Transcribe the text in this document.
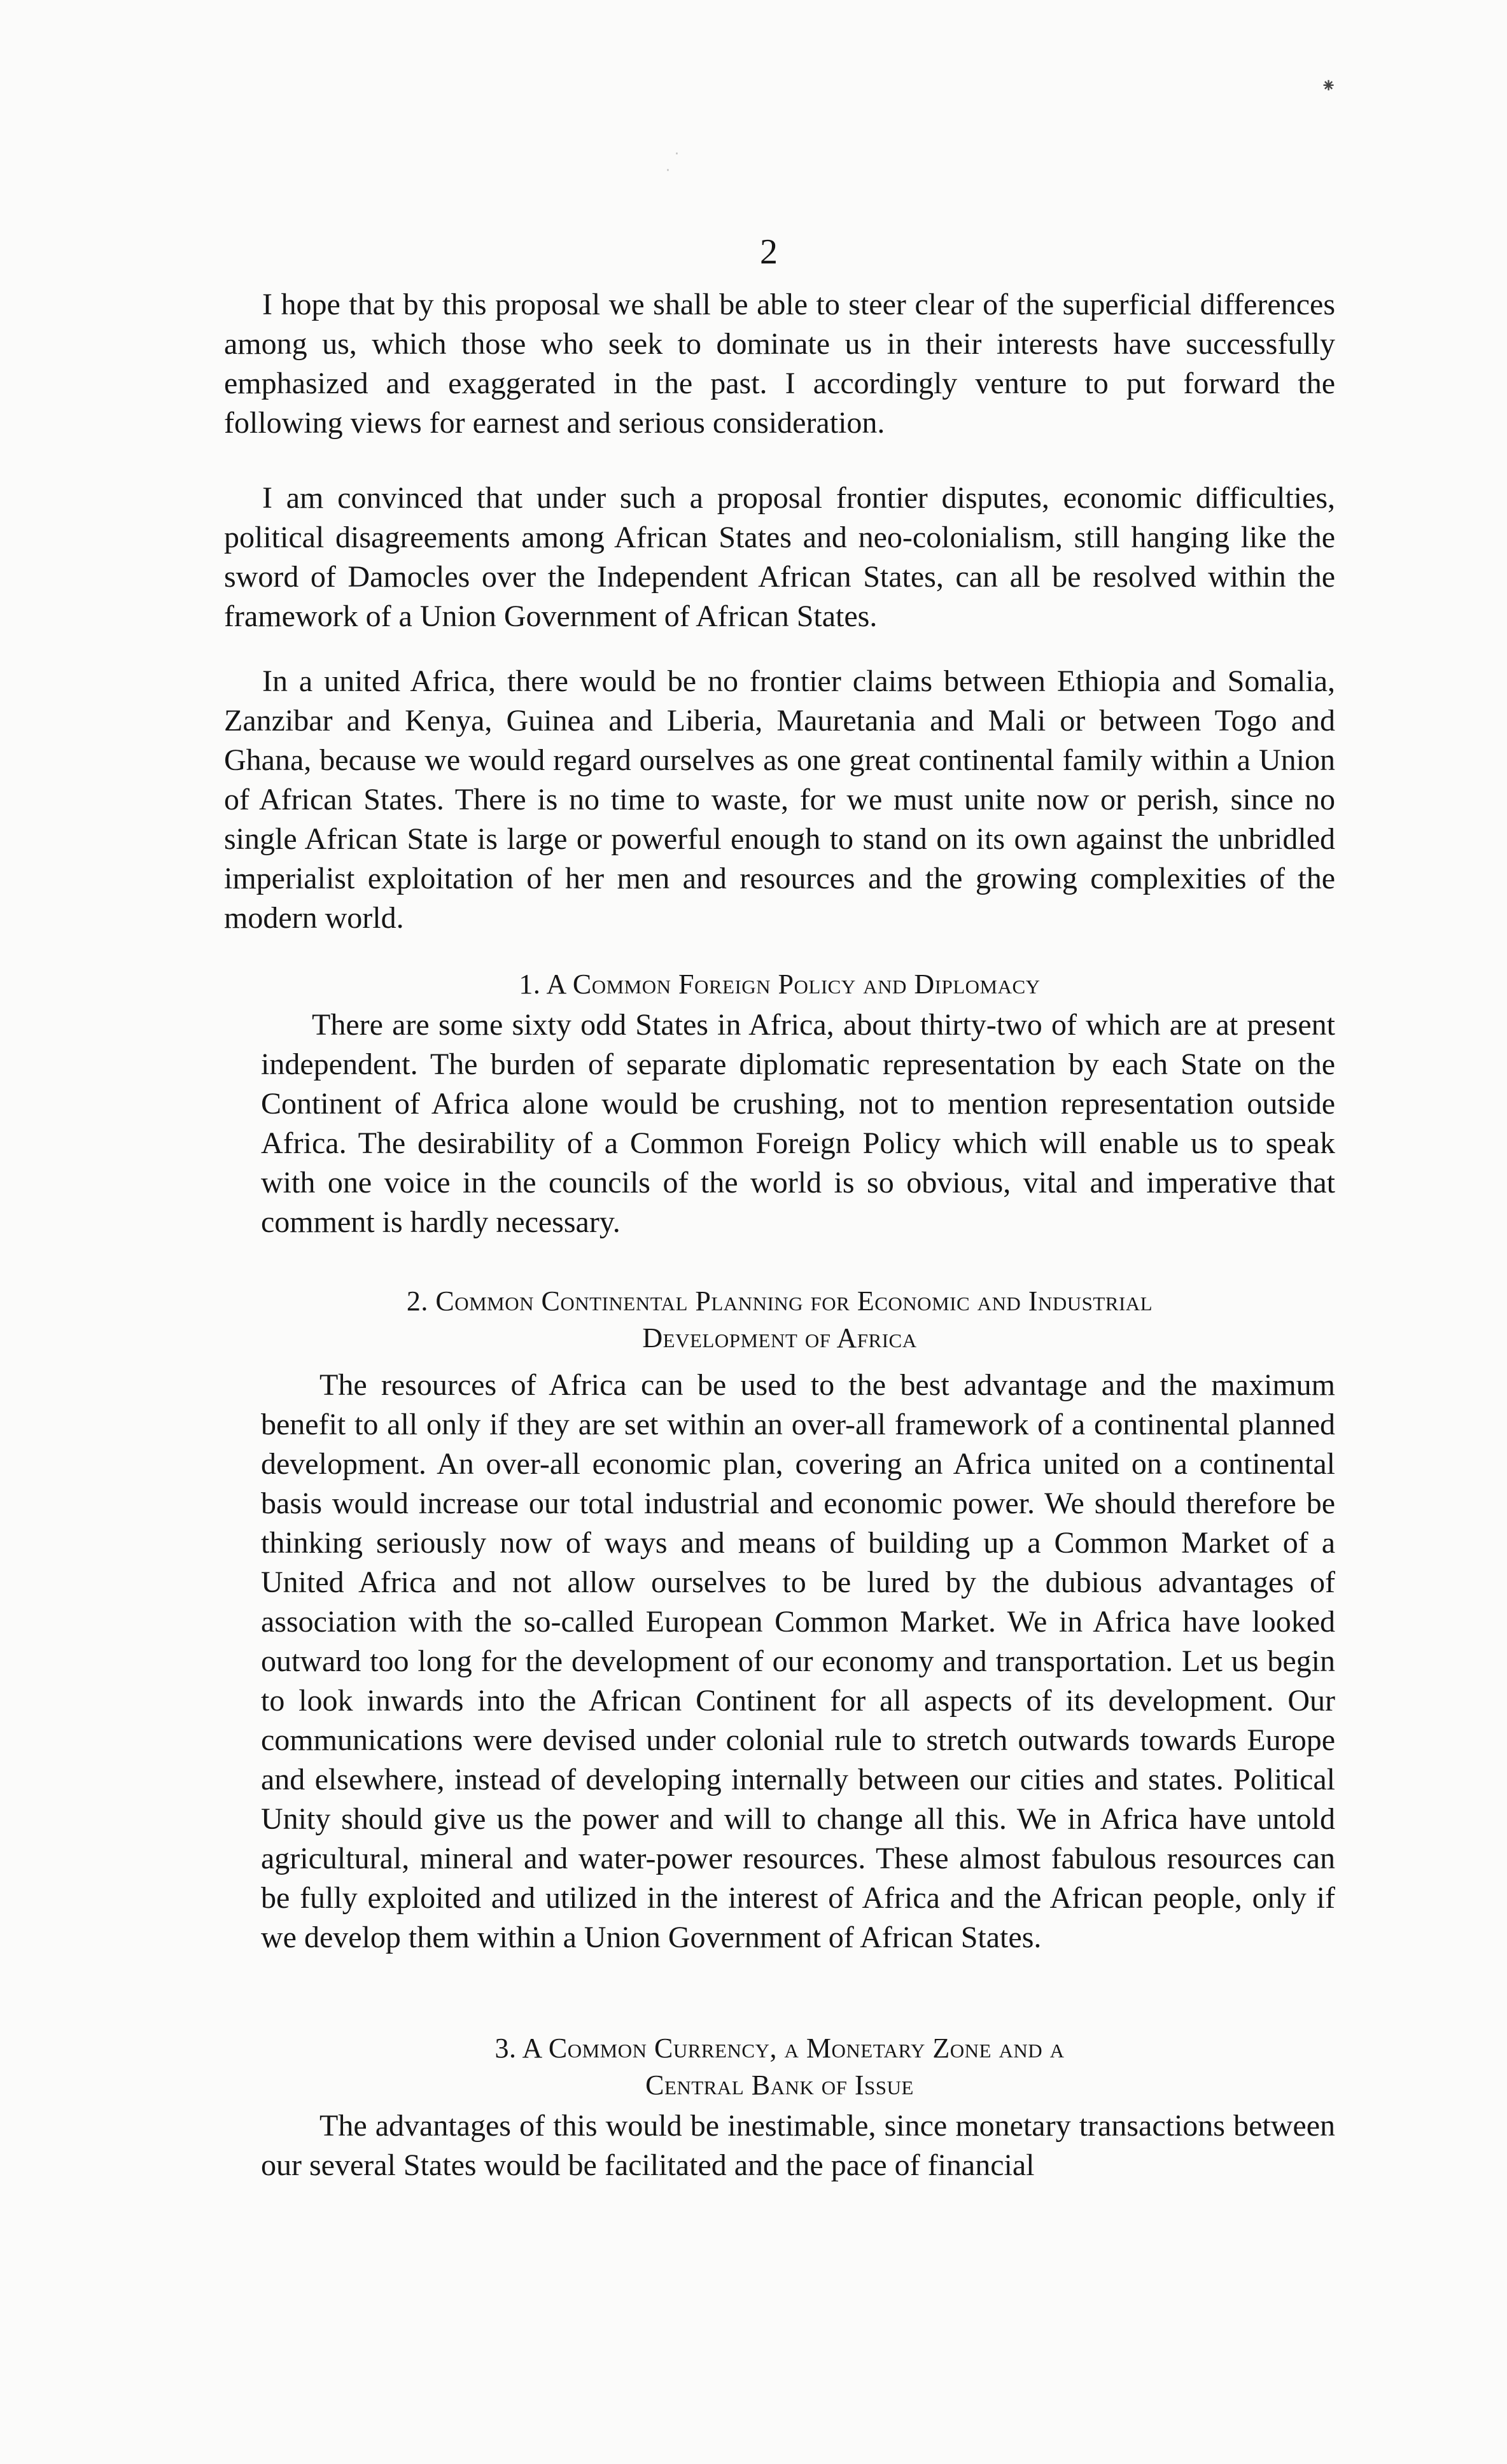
⁕
·
·
2

I hope that by this proposal we shall be able to steer clear of the superficial differences among us, which those who seek to dominate us in their interests have successfully emphasized and exaggerated in the past. I accordingly venture to put forward the following views for earnest and serious consideration.

I am convinced that under such a proposal frontier disputes, economic difficulties, political disagreements among African States and neo-colonialism, still hanging like the sword of Damocles over the Independent African States, can all be resolved within the framework of a Union Government of African States.

In a united Africa, there would be no frontier claims between Ethiopia and Somalia, Zanzibar and Kenya, Guinea and Liberia, Mauretania and Mali or between Togo and Ghana, because we would regard ourselves as one great continental family within a Union of African States. There is no time to waste, for we must unite now or perish, since no single African State is large or powerful enough to stand on its own against the unbridled imperialist exploitation of her men and resources and the growing complexities of the modern world.

1. A Common Foreign Policy and Diplomacy

There are some sixty odd States in Africa, about thirty-two of which are at present independent. The burden of separate diplomatic representation by each State on the Continent of Africa alone would be crushing, not to mention representation outside Africa. The desirability of a Common Foreign Policy which will enable us to speak with one voice in the councils of the world is so obvious, vital and imperative that comment is hardly necessary.

2. Common Continental Planning for Economic and Industrial
Development of Africa

The resources of Africa can be used to the best advantage and the maximum benefit to all only if they are set within an over-all framework of a continental planned development. An over-all economic plan, covering an Africa united on a continental basis would increase our total industrial and economic power. We should therefore be thinking seriously now of ways and means of building up a Common Market of a United Africa and not allow ourselves to be lured by the dubious advantages of association with the so-called European Common Market. We in Africa have looked outward too long for the development of our economy and transportation. Let us begin to look inwards into the African Continent for all aspects of its development. Our communications were devised under colonial rule to stretch outwards towards Europe and elsewhere, instead of developing internally between our cities and states. Political Unity should give us the power and will to change all this. We in Africa have untold agricultural, mineral and water-power resources. These almost fabulous resources can be fully exploited and utilized in the interest of Africa and the African people, only if we develop them within a Union Government of African States.

3. A Common Currency, a Monetary Zone and a
Central Bank of Issue

The advantages of this would be inestimable, since monetary transactions between our several States would be facilitated and the pace of financial
